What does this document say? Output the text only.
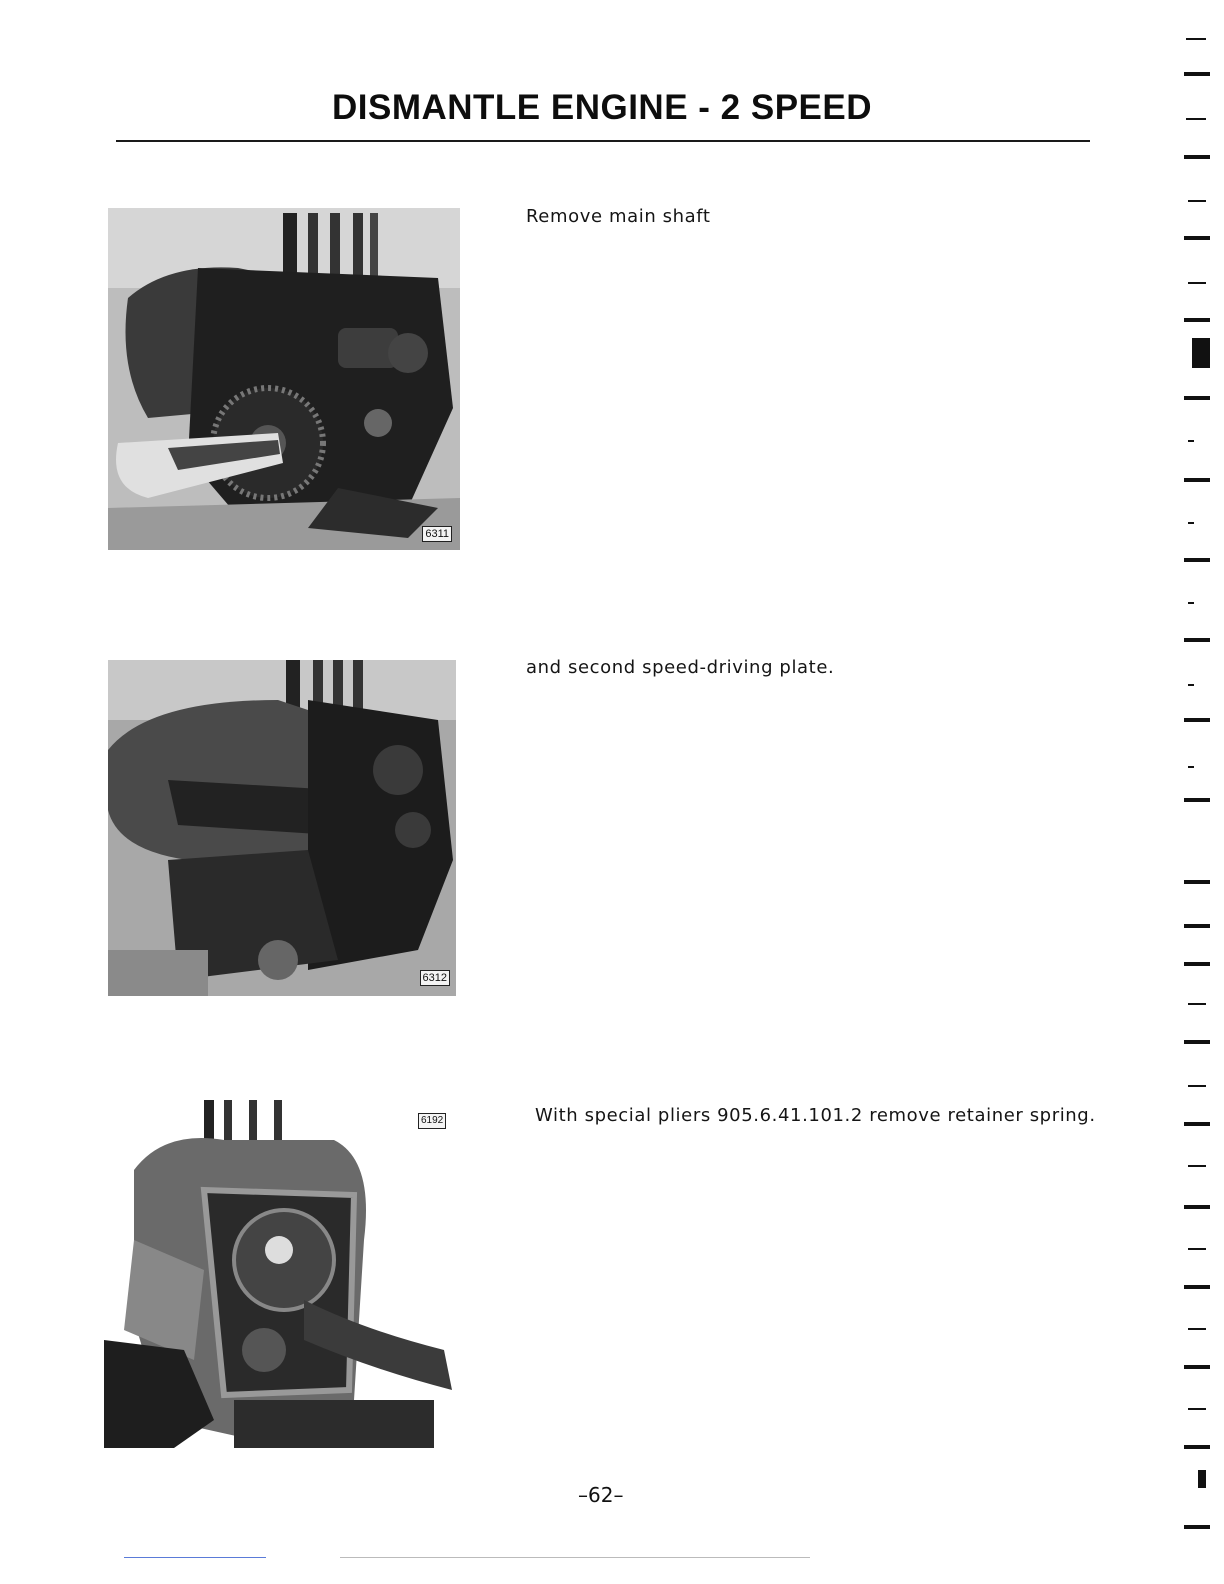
DISMANTLE ENGINE - 2 SPEED
6311
Remove main shaft
6312
and second speed-driving plate.
6192	With special pliers 905.6.41.101.2 remove retainer spring.
–62–
